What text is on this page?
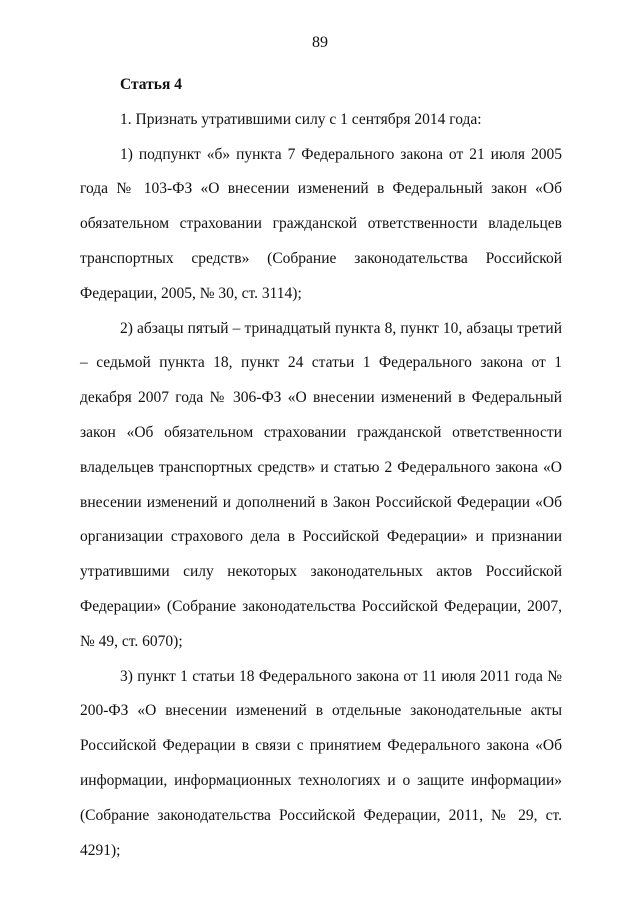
89

Статья 4

1. Признать утратившими силу с 1 сентября 2014 года:

1) подпункт «б» пункта 7 Федерального закона от 21 июля 2005 года № 103-ФЗ «О внесении изменений в Федеральный закон «Об обязательном страховании гражданской ответственности владельцев транспортных средств» (Собрание законодательства Российской Федерации, 2005, № 30, ст. 3114);

2) абзацы пятый – тринадцатый пункта 8, пункт 10, абзацы третий – седьмой пункта 18, пункт 24 статьи 1 Федерального закона от 1 декабря 2007 года № 306-ФЗ «О внесении изменений в Федеральный закон «Об обязательном страховании гражданской ответственности владельцев транспортных средств» и статью 2 Федерального закона «О внесении изменений и дополнений в Закон Российской Федерации «Об организации страхового дела в Российской Федерации» и признании утратившими силу некоторых законодательных актов Российской Федерации» (Собрание законодательства Российской Федерации, 2007, № 49, ст. 6070);

3) пункт 1 статьи 18 Федерального закона от 11 июля 2011 года № 200-ФЗ «О внесении изменений в отдельные законодательные акты Российской Федерации в связи с принятием Федерального закона «Об информации, информационных технологиях и о защите информации» (Собрание законодательства Российской Федерации, 2011, № 29, ст. 4291);
